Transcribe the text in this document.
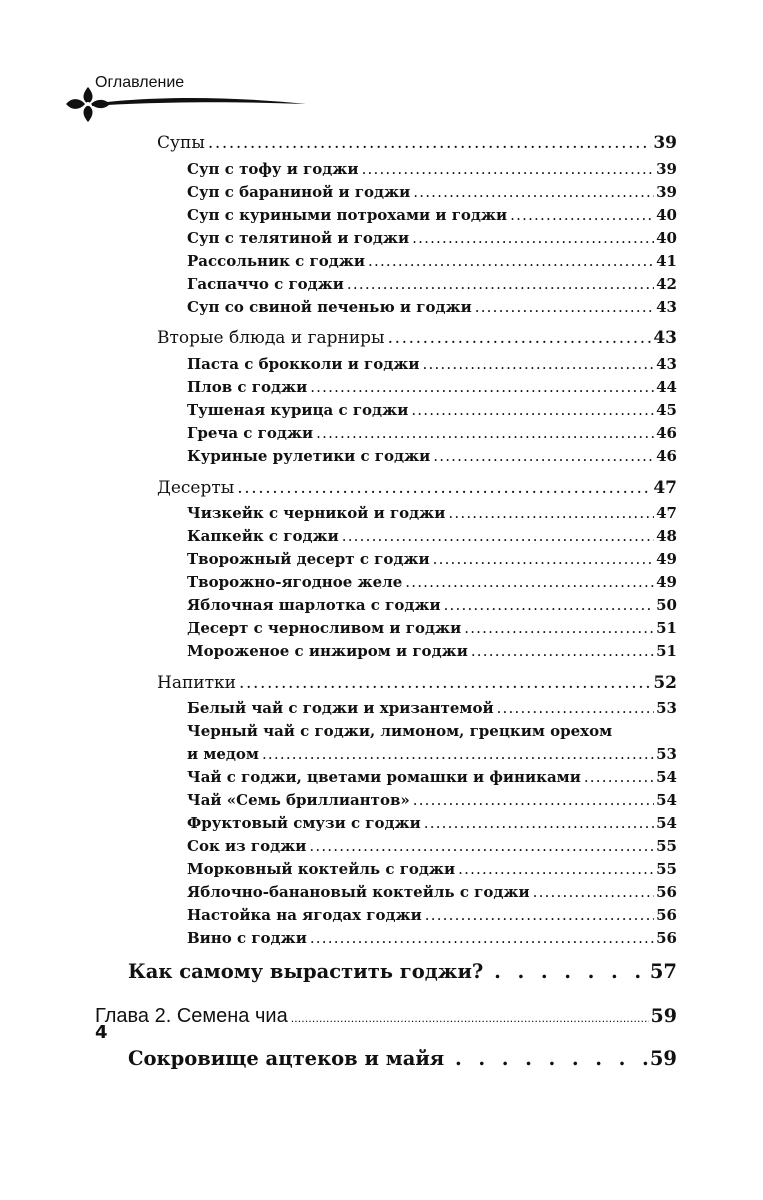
Оглавление
Супы .....	39
Суп с тофу и годжи .....	39
Суп с бараниной и годжи .....	39
Суп с куриными потрохами и годжи .....	40
Суп с телятиной и годжи .....	40
Рассольник с годжи .....	41
Гаспаччо с годжи .....	42
Суп со свиной печенью и годжи .....	43
Вторые блюда и гарниры .....	43
Паста с брокколи и годжи .....	43
Плов с годжи .....	44
Тушеная курица с годжи .....	45
Греча с годжи .....	46
Куриные рулетики с годжи .....	46
Десерты .....	47
Чизкейк с черникой и годжи .....	47
Капкейк с годжи .....	48
Творожный десерт с годжи .....	49
Творожно-ягодное желе .....	49
Яблочная шарлотка с годжи .....	50
Десерт с черносливом и годжи .....	51
Мороженое с инжиром и годжи .....	51
Напитки .....	52
Белый чай с годжи и хризантемой .....	53
Черный чай с годжи, лимоном, грецким орехом
и медом .....	53
Чай с годжи, цветами ромашки и финиками .....	54
Чай «Семь бриллиантов» .....	54
Фруктовый смузи с годжи .....	54
Сок из годжи .....	55
Морковный коктейль с годжи .....	55
Яблочно-банановый коктейль с годжи .....	56
Настойка на ягодах годжи .....	56
Вино с годжи .....	56
Как самому вырастить годжи? . .	57
Глава 2. Семена чиа .....	59
Сокровище ацтеков и майя . .	59
4
